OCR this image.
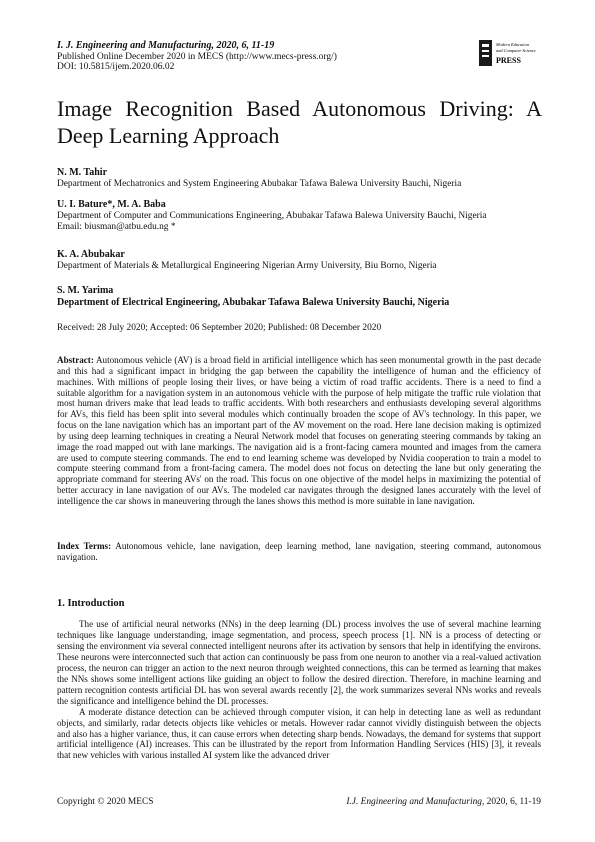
I. J. Engineering and Manufacturing, 2020, 6, 11-19
Published Online December 2020 in MECS (http://www.mecs-press.org/)
DOI: 10.5815/ijem.2020.06.02
Modern Education
and Computer Science
PRESS
Image Recognition Based Autonomous Driving: A Deep Learning Approach
N. M. Tahir
Department of Mechatronics and System Engineering Abubakar Tafawa Balewa University Bauchi, Nigeria
U. I. Bature*, M. A. Baba
Department of Computer and Communications Engineering, Abubakar Tafawa Balewa University Bauchi, Nigeria
Email: biusman@atbu.edu.ng *
K. A. Abubakar
Department of Materials & Metallurgical Engineering Nigerian Army University, Biu Borno, Nigeria
S. M. Yarima
Department of Electrical Engineering, Abubakar Tafawa Balewa University Bauchi, Nigeria
Received: 28 July 2020; Accepted: 06 September 2020; Published: 08 December 2020
Abstract: Autonomous vehicle (AV) is a broad field in artificial intelligence which has seen monumental growth in the past decade and this had a significant impact in bridging the gap between the capability the intelligence of human and the efficiency of machines. With millions of people losing their lives, or have being a victim of road traffic accidents. There is a need to find a suitable algorithm for a navigation system in an autonomous vehicle with the purpose of help mitigate the traffic rule violation that most human drivers make that lead leads to traffic accidents. With both researchers and enthusiasts developing several algorithms for AVs, this field has been split into several modules which continually broaden the scope of AV's technology. In this paper, we focus on the lane navigation which has an important part of the AV movement on the road. Here lane decision making is optimized by using deep learning techniques in creating a Neural Network model that focuses on generating steering commands by taking an image the road mapped out with lane markings. The navigation aid is a front-facing camera mounted and images from the camera are used to compute steering commands. The end to end learning scheme was developed by Nvidia cooperation to train a model to compute steering command from a front-facing camera. The model does not focus on detecting the lane but only generating the appropriate command for steering AVs' on the road. This focus on one objective of the model helps in maximizing the potential of better accuracy in lane navigation of our AVs. The modeled car navigates through the designed lanes accurately with the level of intelligence the car shows in maneuvering through the lanes shows this method is more suitable in lane navigation.
Index Terms: Autonomous vehicle, lane navigation, deep learning method, lane navigation, steering command, autonomous navigation.
1. Introduction

The use of artificial neural networks (NNs) in the deep learning (DL) process involves the use of several machine learning techniques like language understanding, image segmentation, and process, speech process [1]. NN is a process of detecting or sensing the environment via several connected intelligent neurons after its activation by sensors that help in identifying the environs. These neurons were interconnected such that action can continuously be pass from one neuron to another via a real-valued activation process, the neuron can trigger an action to the next neuron through weighted connections, this can be termed as learning that makes the NNs shows some intelligent actions like guiding an object to follow the desired direction. Therefore, in machine learning and pattern recognition contests artificial DL has won several awards recently [2], the work summarizes several NNs works and reveals the significance and intelligence behind the DL processes.

A moderate distance detection can be achieved through computer vision, it can help in detecting lane as well as redundant objects, and similarly, radar detects objects like vehicles or metals. However radar cannot vividly distinguish between the objects and also has a higher variance, thus, it can cause errors when detecting sharp bends. Nowadays, the demand for systems that support artificial intelligence (AI) increases. This can be illustrated by the report from Information Handling Services (HIS) [3], it reveals that new vehicles with various installed AI system like the advanced driver

Copyright © 2020 MECS	I.J. Engineering and Manufacturing, 2020, 6, 11-19
